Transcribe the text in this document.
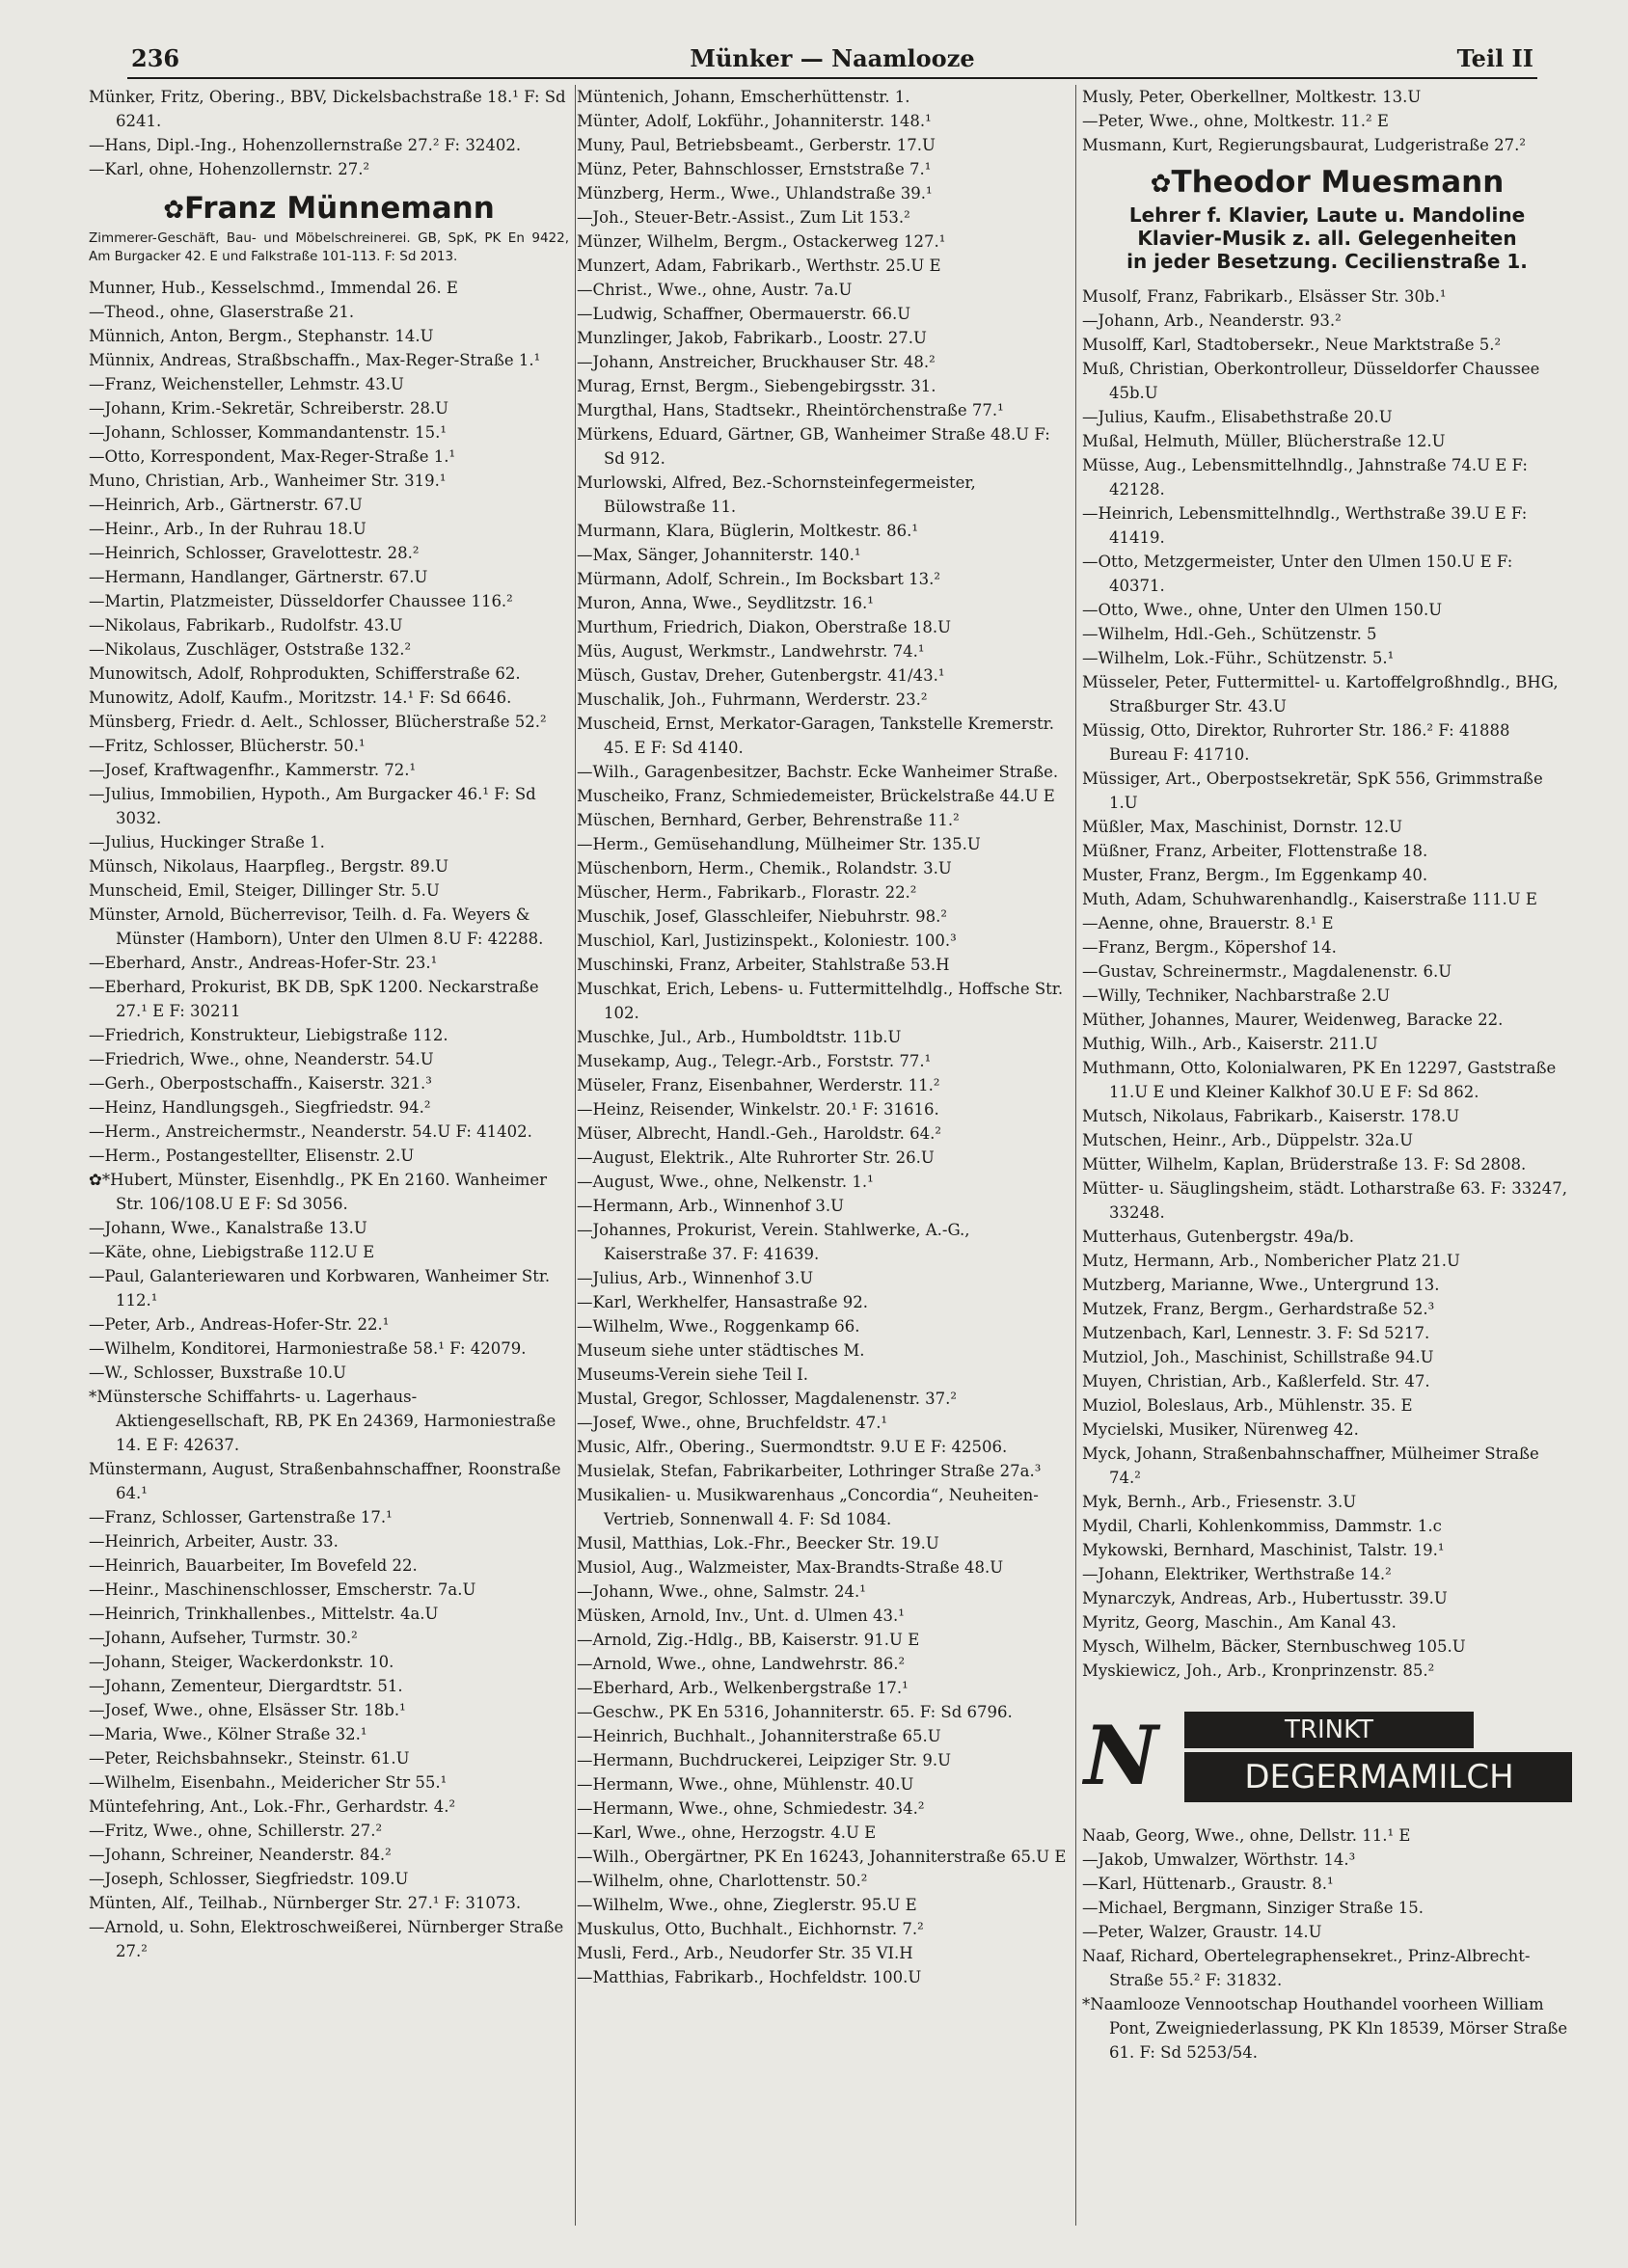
236	Münker — Naamlooze	Teil II
Münker, Fritz, Obering., BBV, Dickelsbachstraße 18.¹ F: Sd 6241.
—Hans, Dipl.-Ing., Hohenzollernstraße 27.² F: 32402.
—Karl, ohne, Hohenzollernstr. 27.²
✿Franz Münnemann
Zimmerer-Geschäft, Bau- und Möbelschreinerei. GB, SpK, PK En 9422, Am Burgacker 42. E und Falkstraße 101-113. F: Sd 2013.
Munner, Hub., Kesselschmd., Immendal 26. E
—Theod., ohne, Glaserstraße 21.
Münnich, Anton, Bergm., Stephanstr. 14.U
Münnix, Andreas, Straßbschaffn., Max-Reger-Straße 1.¹
—Franz, Weichensteller, Lehmstr. 43.U
—Johann, Krim.-Sekretär, Schreiberstr. 28.U
—Johann, Schlosser, Kommandantenstr. 15.¹
—Otto, Korrespondent, Max-Reger-Straße 1.¹
Muno, Christian, Arb., Wanheimer Str. 319.¹
—Heinrich, Arb., Gärtnerstr. 67.U
—Heinr., Arb., In der Ruhrau 18.U
—Heinrich, Schlosser, Gravelottestr. 28.²
—Hermann, Handlanger, Gärtnerstr. 67.U
—Martin, Platzmeister, Düsseldorfer Chaussee 116.²
—Nikolaus, Fabrikarb., Rudolfstr. 43.U
—Nikolaus, Zuschläger, Oststraße 132.²
Munowitsch, Adolf, Rohprodukten, Schifferstraße 62.
Munowitz, Adolf, Kaufm., Moritzstr. 14.¹ F: Sd 6646.
Münsberg, Friedr. d. Aelt., Schlosser, Blücherstraße 52.²
—Fritz, Schlosser, Blücherstr. 50.¹
—Josef, Kraftwagenfhr., Kammerstr. 72.¹
—Julius, Immobilien, Hypoth., Am Burgacker 46.¹ F: Sd 3032.
—Julius, Huckinger Straße 1.
Münsch, Nikolaus, Haarpfleg., Bergstr. 89.U
Munscheid, Emil, Steiger, Dillinger Str. 5.U
Münster, Arnold, Bücherrevisor, Teilh. d. Fa. Weyers & Münster (Hamborn), Unter den Ulmen 8.U F: 42288.
—Eberhard, Anstr., Andreas-Hofer-Str. 23.¹
—Eberhard, Prokurist, BK DB, SpK 1200. Neckarstraße 27.¹ E F: 30211
—Friedrich, Konstrukteur, Liebigstraße 112.
—Friedrich, Wwe., ohne, Neanderstr. 54.U
—Gerh., Oberpostschaffn., Kaiserstr. 321.³
—Heinz, Handlungsgeh., Siegfriedstr. 94.²
—Herm., Anstreichermstr., Neanderstr. 54.U F: 41402.
—Herm., Postangestellter, Elisenstr. 2.U
✿*Hubert, Münster, Eisenhdlg., PK En 2160. Wanheimer Str. 106/108.U E F: Sd 3056.
—Johann, Wwe., Kanalstraße 13.U
—Käte, ohne, Liebigstraße 112.U E
—Paul, Galanteriewaren und Korbwaren, Wanheimer Str. 112.¹
—Peter, Arb., Andreas-Hofer-Str. 22.¹
—Wilhelm, Konditorei, Harmoniestraße 58.¹ F: 42079.
—W., Schlosser, Buxstraße 10.U
*Münstersche Schiffahrts- u. Lagerhaus-Aktiengesellschaft, RB, PK En 24369, Harmoniestraße 14. E F: 42637.
Münstermann, August, Straßenbahnschaffner, Roonstraße 64.¹
—Franz, Schlosser, Gartenstraße 17.¹
—Heinrich, Arbeiter, Austr. 33.
—Heinrich, Bauarbeiter, Im Bovefeld 22.
—Heinr., Maschinenschlosser, Emscherstr. 7a.U
—Heinrich, Trinkhallenbes., Mittelstr. 4a.U
—Johann, Aufseher, Turmstr. 30.²
—Johann, Steiger, Wackerdonkstr. 10.
—Johann, Zementeur, Diergardtstr. 51.
—Josef, Wwe., ohne, Elsässer Str. 18b.¹
—Maria, Wwe., Kölner Straße 32.¹
—Peter, Reichsbahnsekr., Steinstr. 61.U
—Wilhelm, Eisenbahn., Meidericher Str 55.¹
Müntefehring, Ant., Lok.-Fhr., Gerhardstr. 4.²
—Fritz, Wwe., ohne, Schillerstr. 27.²
—Johann, Schreiner, Neanderstr. 84.²
—Joseph, Schlosser, Siegfriedstr. 109.U
Münten, Alf., Teilhab., Nürnberger Str. 27.¹ F: 31073.
—Arnold, u. Sohn, Elektroschweißerei, Nürnberger Straße 27.²
Müntenich, Johann, Emscherhüttenstr. 1.
Münter, Adolf, Lokführ., Johanniterstr. 148.¹
Muny, Paul, Betriebsbeamt., Gerberstr. 17.U
Münz, Peter, Bahnschlosser, Ernststraße 7.¹
Münzberg, Herm., Wwe., Uhlandstraße 39.¹
—Joh., Steuer-Betr.-Assist., Zum Lit 153.²
Münzer, Wilhelm, Bergm., Ostackerweg 127.¹
Munzert, Adam, Fabrikarb., Werthstr. 25.U E
—Christ., Wwe., ohne, Austr. 7a.U
—Ludwig, Schaffner, Obermauerstr. 66.U
Munzlinger, Jakob, Fabrikarb., Loostr. 27.U
—Johann, Anstreicher, Bruckhauser Str. 48.²
Murag, Ernst, Bergm., Siebengebirgsstr. 31.
Murgthal, Hans, Stadtsekr., Rheintörchenstraße 77.¹
Mürkens, Eduard, Gärtner, GB, Wanheimer Straße 48.U F: Sd 912.
Murlowski, Alfred, Bez.-Schornsteinfegermeister, Bülowstraße 11.
Murmann, Klara, Büglerin, Moltkestr. 86.¹
—Max, Sänger, Johanniterstr. 140.¹
Mürmann, Adolf, Schrein., Im Bocksbart 13.²
Muron, Anna, Wwe., Seydlitzstr. 16.¹
Murthum, Friedrich, Diakon, Oberstraße 18.U
Müs, August, Werkmstr., Landwehrstr. 74.¹
Müsch, Gustav, Dreher, Gutenbergstr. 41/43.¹
Muschalik, Joh., Fuhrmann, Werderstr. 23.²
Muscheid, Ernst, Merkator-Garagen, Tankstelle Kremerstr. 45. E F: Sd 4140.
—Wilh., Garagenbesitzer, Bachstr. Ecke Wanheimer Straße.
Muscheiko, Franz, Schmiedemeister, Brückelstraße 44.U E
Müschen, Bernhard, Gerber, Behrenstraße 11.²
—Herm., Gemüsehandlung, Mülheimer Str. 135.U
Müschenborn, Herm., Chemik., Rolandstr. 3.U
Müscher, Herm., Fabrikarb., Florastr. 22.²
Muschik, Josef, Glasschleifer, Niebuhrstr. 98.²
Muschiol, Karl, Justizinspekt., Koloniestr. 100.³
Muschinski, Franz, Arbeiter, Stahlstraße 53.H
Muschkat, Erich, Lebens- u. Futtermittelhdlg., Hoffsche Str. 102.
Muschke, Jul., Arb., Humboldtstr. 11b.U
Musekamp, Aug., Telegr.-Arb., Forststr. 77.¹
Müseler, Franz, Eisenbahner, Werderstr. 11.²
—Heinz, Reisender, Winkelstr. 20.¹ F: 31616.
Müser, Albrecht, Handl.-Geh., Haroldstr. 64.²
—August, Elektrik., Alte Ruhrorter Str. 26.U
—August, Wwe., ohne, Nelkenstr. 1.¹
—Hermann, Arb., Winnenhof 3.U
—Johannes, Prokurist, Verein. Stahlwerke, A.-G., Kaiserstraße 37. F: 41639.
—Julius, Arb., Winnenhof 3.U
—Karl, Werkhelfer, Hansastraße 92.
—Wilhelm, Wwe., Roggenkamp 66.
Museum siehe unter städtisches M.
Museums-Verein siehe Teil I.
Mustal, Gregor, Schlosser, Magdalenenstr. 37.²
—Josef, Wwe., ohne, Bruchfeldstr. 47.¹
Music, Alfr., Obering., Suermondtstr. 9.U E F: 42506.
Musielak, Stefan, Fabrikarbeiter, Lothringer Straße 27a.³
Musikalien- u. Musikwarenhaus „Concordia“, Neuheiten-Vertrieb, Sonnenwall 4. F: Sd 1084.
Musil, Matthias, Lok.-Fhr., Beecker Str. 19.U
Musiol, Aug., Walzmeister, Max-Brandts-Straße 48.U
—Johann, Wwe., ohne, Salmstr. 24.¹
Müsken, Arnold, Inv., Unt. d. Ulmen 43.¹
—Arnold, Zig.-Hdlg., BB, Kaiserstr. 91.U E
—Arnold, Wwe., ohne, Landwehrstr. 86.²
—Eberhard, Arb., Welkenbergstraße 17.¹
—Geschw., PK En 5316, Johanniterstr. 65. F: Sd 6796.
—Heinrich, Buchhalt., Johanniterstraße 65.U
—Hermann, Buchdruckerei, Leipziger Str. 9.U
—Hermann, Wwe., ohne, Mühlenstr. 40.U
—Hermann, Wwe., ohne, Schmiedestr. 34.²
—Karl, Wwe., ohne, Herzogstr. 4.U E
—Wilh., Obergärtner, PK En 16243, Johanniterstraße 65.U E
—Wilhelm, ohne, Charlottenstr. 50.²
—Wilhelm, Wwe., ohne, Zieglerstr. 95.U E
Muskulus, Otto, Buchhalt., Eichhornstr. 7.²
Musli, Ferd., Arb., Neudorfer Str. 35 VI.H
—Matthias, Fabrikarb., Hochfeldstr. 100.U
Musly, Peter, Oberkellner, Moltkestr. 13.U
—Peter, Wwe., ohne, Moltkestr. 11.² E
Musmann, Kurt, Regierungsbaurat, Ludgeristraße 27.²
✿Theodor Muesmann
Lehrer f. Klavier, Laute u. Mandoline
Klavier-Musik z. all. Gelegenheiten
in jeder Besetzung. Cecilienstraße 1.
Musolf, Franz, Fabrikarb., Elsässer Str. 30b.¹
—Johann, Arb., Neanderstr. 93.²
Musolff, Karl, Stadtobersekr., Neue Marktstraße 5.²
Muß, Christian, Oberkontrolleur, Düsseldorfer Chaussee 45b.U
—Julius, Kaufm., Elisabethstraße 20.U
Mußal, Helmuth, Müller, Blücherstraße 12.U
Müsse, Aug., Lebensmittelhndlg., Jahnstraße 74.U E F: 42128.
—Heinrich, Lebensmittelhndlg., Werthstraße 39.U E F: 41419.
—Otto, Metzgermeister, Unter den Ulmen 150.U E F: 40371.
—Otto, Wwe., ohne, Unter den Ulmen 150.U
—Wilhelm, Hdl.-Geh., Schützenstr. 5
—Wilhelm, Lok.-Führ., Schützenstr. 5.¹
Müsseler, Peter, Futtermittel- u. Kartoffelgroßhndlg., BHG, Straßburger Str. 43.U
Müssig, Otto, Direktor, Ruhrorter Str. 186.² F: 41888 Bureau F: 41710.
Müssiger, Art., Oberpostsekretär, SpK 556, Grimmstraße 1.U
Müßler, Max, Maschinist, Dornstr. 12.U
Müßner, Franz, Arbeiter, Flottenstraße 18.
Muster, Franz, Bergm., Im Eggenkamp 40.
Muth, Adam, Schuhwarenhandlg., Kaiserstraße 111.U E
—Aenne, ohne, Brauerstr. 8.¹ E
—Franz, Bergm., Köpershof 14.
—Gustav, Schreinermstr., Magdalenenstr. 6.U
—Willy, Techniker, Nachbarstraße 2.U
Müther, Johannes, Maurer, Weidenweg, Baracke 22.
Muthig, Wilh., Arb., Kaiserstr. 211.U
Muthmann, Otto, Kolonialwaren, PK En 12297, Gaststraße 11.U E und Kleiner Kalkhof 30.U E F: Sd 862.
Mutsch, Nikolaus, Fabrikarb., Kaiserstr. 178.U
Mutschen, Heinr., Arb., Düppelstr. 32a.U
Mütter, Wilhelm, Kaplan, Brüderstraße 13. F: Sd 2808.
Mütter- u. Säuglingsheim, städt. Lotharstraße 63. F: 33247, 33248.
Mutterhaus, Gutenbergstr. 49a/b.
Mutz, Hermann, Arb., Nombericher Platz 21.U
Mutzberg, Marianne, Wwe., Untergrund 13.
Mutzek, Franz, Bergm., Gerhardstraße 52.³
Mutzenbach, Karl, Lennestr. 3. F: Sd 5217.
Mutziol, Joh., Maschinist, Schillstraße 94.U
Muyen, Christian, Arb., Kaßlerfeld. Str. 47.
Muziol, Boleslaus, Arb., Mühlenstr. 35. E
Mycielski, Musiker, Nürenweg 42.
Myck, Johann, Straßenbahnschaffner, Mülheimer Straße 74.²
Myk, Bernh., Arb., Friesenstr. 3.U
Mydil, Charli, Kohlenkommiss, Dammstr. 1.c
Mykowski, Bernhard, Maschinist, Talstr. 19.¹
—Johann, Elektriker, Werthstraße 14.²
Mynarczyk, Andreas, Arb., Hubertusstr. 39.U
Myritz, Georg, Maschin., Am Kanal 43.
Mysch, Wilhelm, Bäcker, Sternbuschweg 105.U
Myskiewicz, Joh., Arb., Kronprinzenstr. 85.²
N	TRINKT
DEGERMAMILCH
Naab, Georg, Wwe., ohne, Dellstr. 11.¹ E
—Jakob, Umwalzer, Wörthstr. 14.³
—Karl, Hüttenarb., Graustr. 8.¹
—Michael, Bergmann, Sinziger Straße 15.
—Peter, Walzer, Graustr. 14.U
Naaf, Richard, Obertelegraphensekret., Prinz-Albrecht-Straße 55.² F: 31832.
*Naamlooze Vennootschap Houthandel voorheen William Pont, Zweigniederlassung, PK Kln 18539, Mörser Straße 61. F: Sd 5253/54.
